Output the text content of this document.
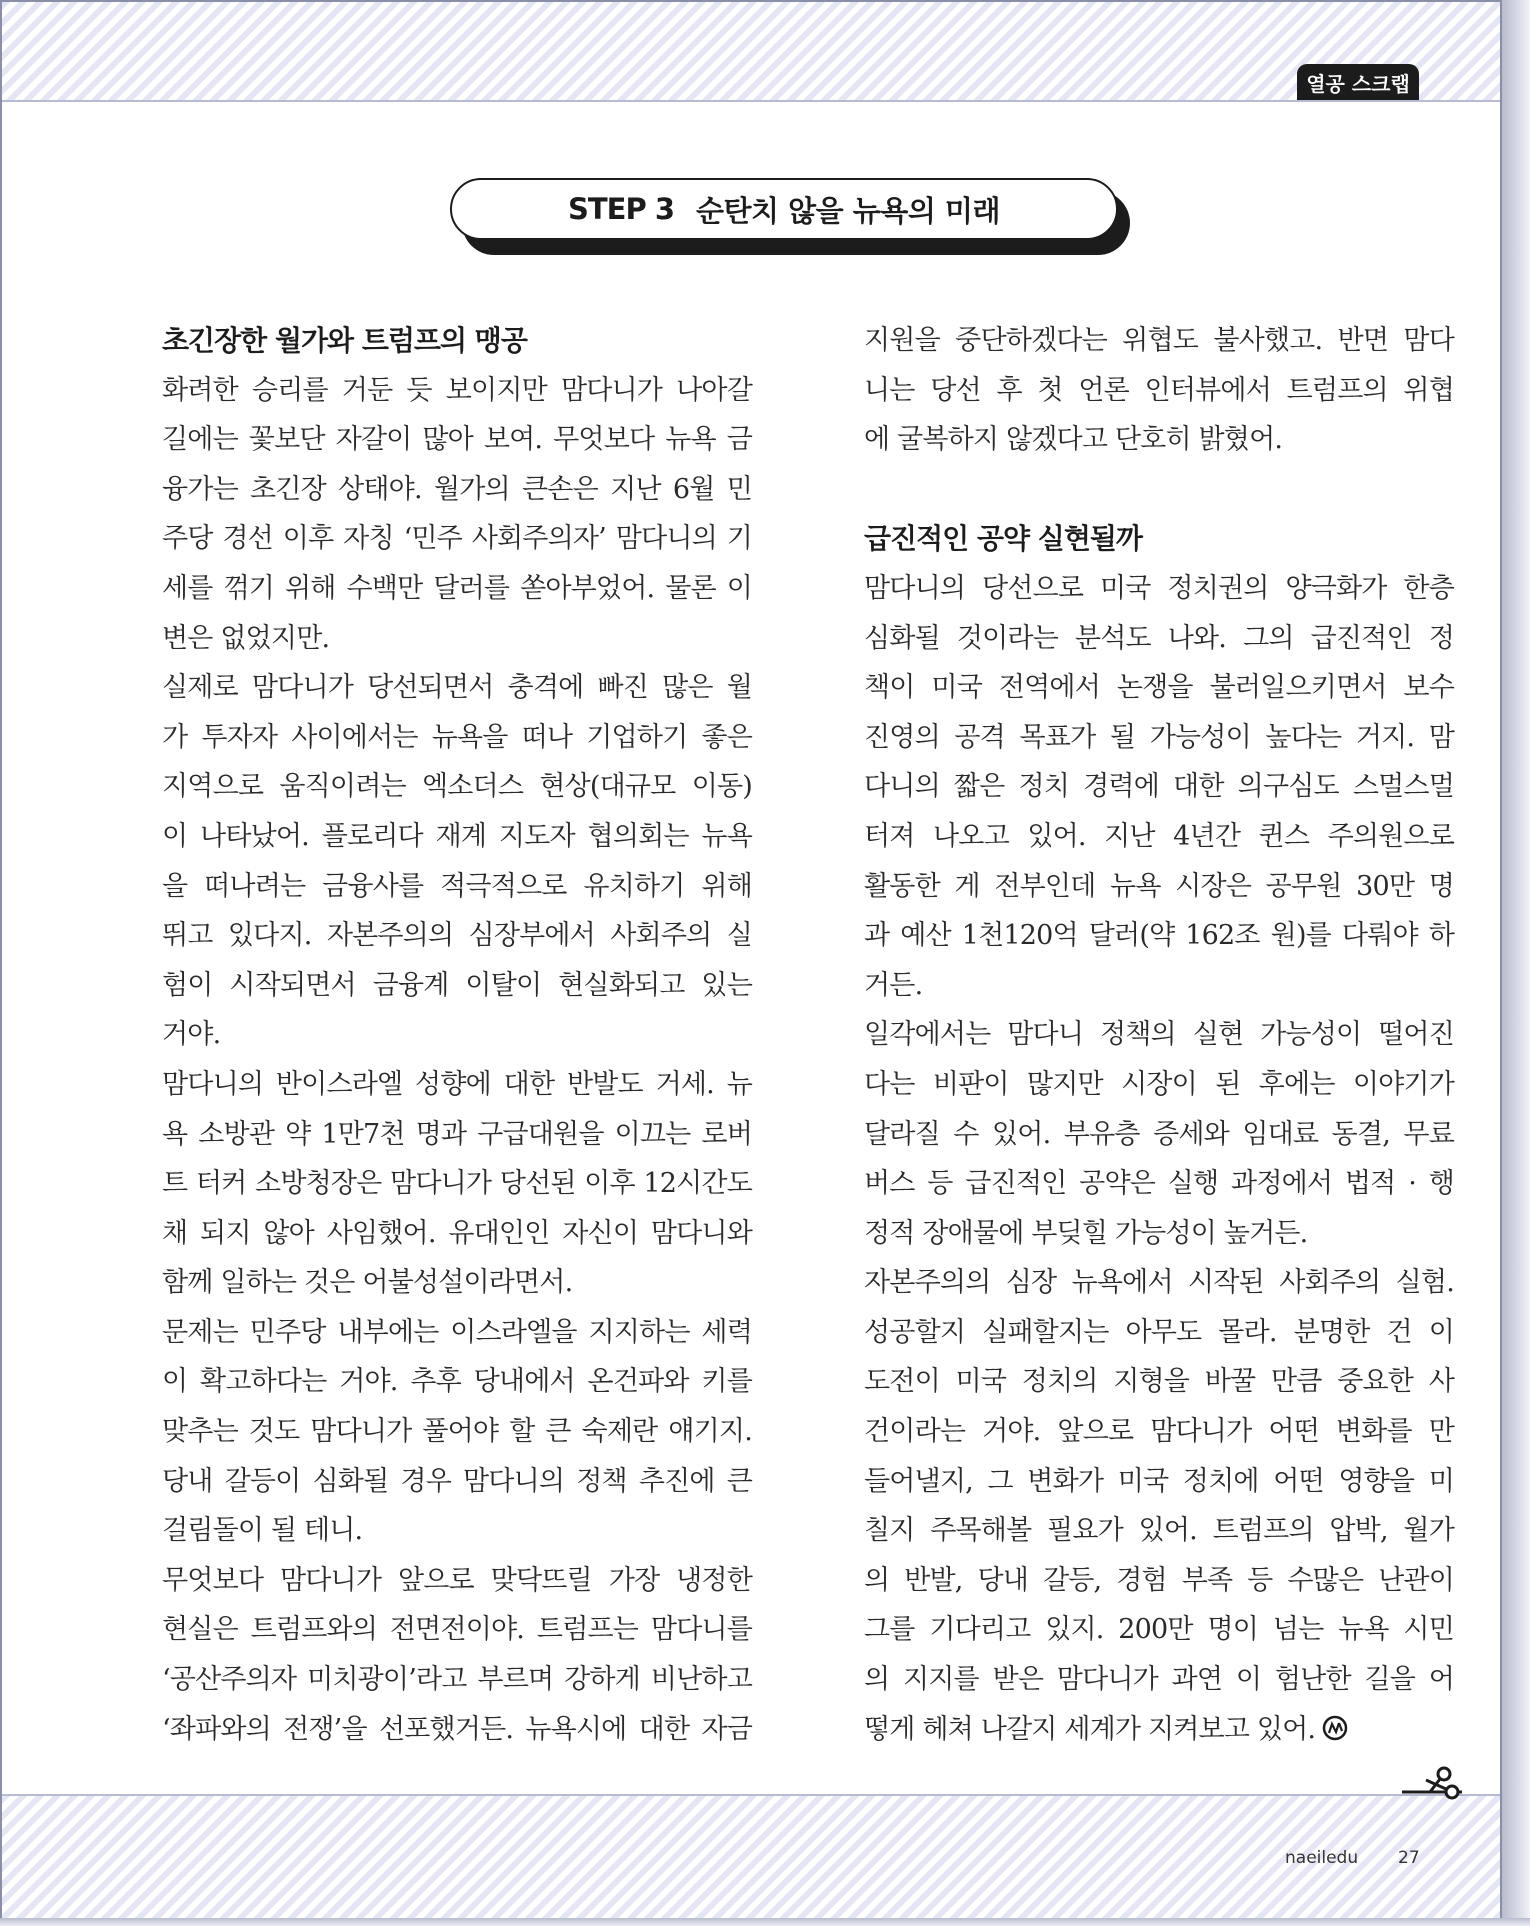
열공 스크랩
STEP 3 순탄치 않을 뉴욕의 미래
초긴장한 월가와 트럼프의 맹공
화려한 승리를 거둔 듯 보이지만 맘다니가 나아갈
길에는 꽃보단 자갈이 많아 보여. 무엇보다 뉴욕 금
융가는 초긴장 상태야. 월가의 큰손은 지난 6월 민
주당 경선 이후 자칭 ‘민주 사회주의자’ 맘다니의 기
세를 꺾기 위해 수백만 달러를 쏟아부었어. 물론 이
변은 없었지만.
실제로 맘다니가 당선되면서 충격에 빠진 많은 월
가 투자자 사이에서는 뉴욕을 떠나 기업하기 좋은
지역으로 움직이려는 엑소더스 현상(대규모 이동)
이 나타났어. 플로리다 재계 지도자 협의회는 뉴욕
을 떠나려는 금융사를 적극적으로 유치하기 위해
뛰고 있다지. 자본주의의 심장부에서 사회주의 실
험이 시작되면서 금융계 이탈이 현실화되고 있는
거야.
맘다니의 반이스라엘 성향에 대한 반발도 거세. 뉴
욕 소방관 약 1만7천 명과 구급대원을 이끄는 로버
트 터커 소방청장은 맘다니가 당선된 이후 12시간도
채 되지 않아 사임했어. 유대인인 자신이 맘다니와
함께 일하는 것은 어불성설이라면서.
문제는 민주당 내부에는 이스라엘을 지지하는 세력
이 확고하다는 거야. 추후 당내에서 온건파와 키를
맞추는 것도 맘다니가 풀어야 할 큰 숙제란 얘기지.
당내 갈등이 심화될 경우 맘다니의 정책 추진에 큰
걸림돌이 될 테니.
무엇보다 맘다니가 앞으로 맞닥뜨릴 가장 냉정한
현실은 트럼프와의 전면전이야. 트럼프는 맘다니를
‘공산주의자 미치광이’라고 부르며 강하게 비난하고
‘좌파와의 전쟁’을 선포했거든. 뉴욕시에 대한 자금
지원을 중단하겠다는 위협도 불사했고. 반면 맘다
니는 당선 후 첫 언론 인터뷰에서 트럼프의 위협
에 굴복하지 않겠다고 단호히 밝혔어.
급진적인 공약 실현될까
맘다니의 당선으로 미국 정치권의 양극화가 한층
심화될 것이라는 분석도 나와. 그의 급진적인 정
책이 미국 전역에서 논쟁을 불러일으키면서 보수
진영의 공격 목표가 될 가능성이 높다는 거지. 맘
다니의 짧은 정치 경력에 대한 의구심도 스멀스멀
터져 나오고 있어. 지난 4년간 퀸스 주의원으로
활동한 게 전부인데 뉴욕 시장은 공무원 30만 명
과 예산 1천120억 달러(약 162조 원)를 다뤄야 하
거든.
일각에서는 맘다니 정책의 실현 가능성이 떨어진
다는 비판이 많지만 시장이 된 후에는 이야기가
달라질 수 있어. 부유층 증세와 임대료 동결, 무료
버스 등 급진적인 공약은 실행 과정에서 법적 · 행
정적 장애물에 부딪힐 가능성이 높거든.
자본주의의 심장 뉴욕에서 시작된 사회주의 실험.
성공할지 실패할지는 아무도 몰라. 분명한 건 이
도전이 미국 정치의 지형을 바꿀 만큼 중요한 사
건이라는 거야. 앞으로 맘다니가 어떤 변화를 만
들어낼지, 그 변화가 미국 정치에 어떤 영향을 미
칠지 주목해볼 필요가 있어. 트럼프의 압박, 월가
의 반발, 당내 갈등, 경험 부족 등 수많은 난관이
그를 기다리고 있지. 200만 명이 넘는 뉴욕 시민
의 지지를 받은 맘다니가 과연 이 험난한 길을 어
떻게 헤쳐 나갈지 세계가 지켜보고 있어.
naeiledu 27
